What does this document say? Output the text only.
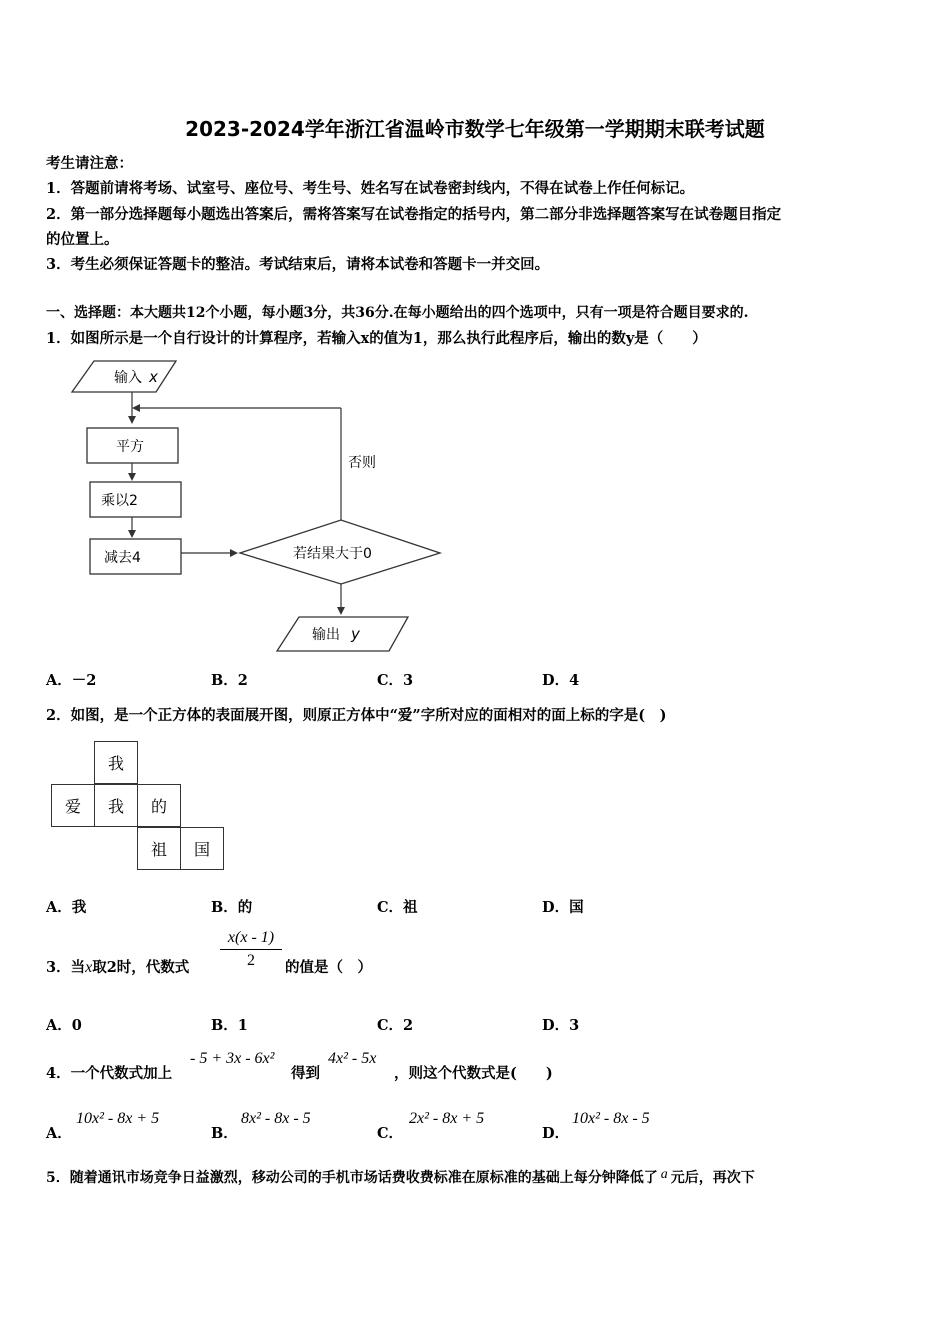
2023-2024学年浙江省温岭市数学七年级第一学期期末联考试题
考生请注意：
1．答题前请将考场、试室号、座位号、考生号、姓名写在试卷密封线内，不得在试卷上作任何标记。
2．第一部分选择题每小题选出答案后，需将答案写在试卷指定的括号内，第二部分非选择题答案写在试卷题目指定
的位置上。
3．考生必须保证答题卡的整洁。考试结束后，请将本试卷和答题卡一并交回。
一、选择题：本大题共12个小题，每小题3分，共36分.在每小题给出的四个选项中，只有一项是符合题目要求的.
1．如图所示是一个自行设计的计算程序，若输入x的值为1，那么执行此程序后，输出的数y是（　　）
输入 x
平方
乘以2
减去4	若结果大于0
否则
输出 y
A．－2	B．2	C．3	D．4
2．如图，是一个正方体的表面展开图，则原正方体中“爱”字所对应的面相对的面上标的字是(　)
我
爱	我	的
祖	国
A．我	B．的	C．祖	D．国
3．当x取2时，代数式
x(x - 1)
2	的值是（　）
A．0	B．1	C．2	D．3
4．一个代数式加上
- 5 + 3x - 6x²
得到
4x² - 5x
，则这个代数式是(　　)
A．
10x² - 8x + 5
B．
8x² - 8x - 5
C．
2x² - 8x + 5
D．
10x² - 8x - 5
5．随着通讯市场竞争日益激烈，移动公司的手机市场话费收费标准在原标准的基础上每分钟降低了 a 元后，再次下
